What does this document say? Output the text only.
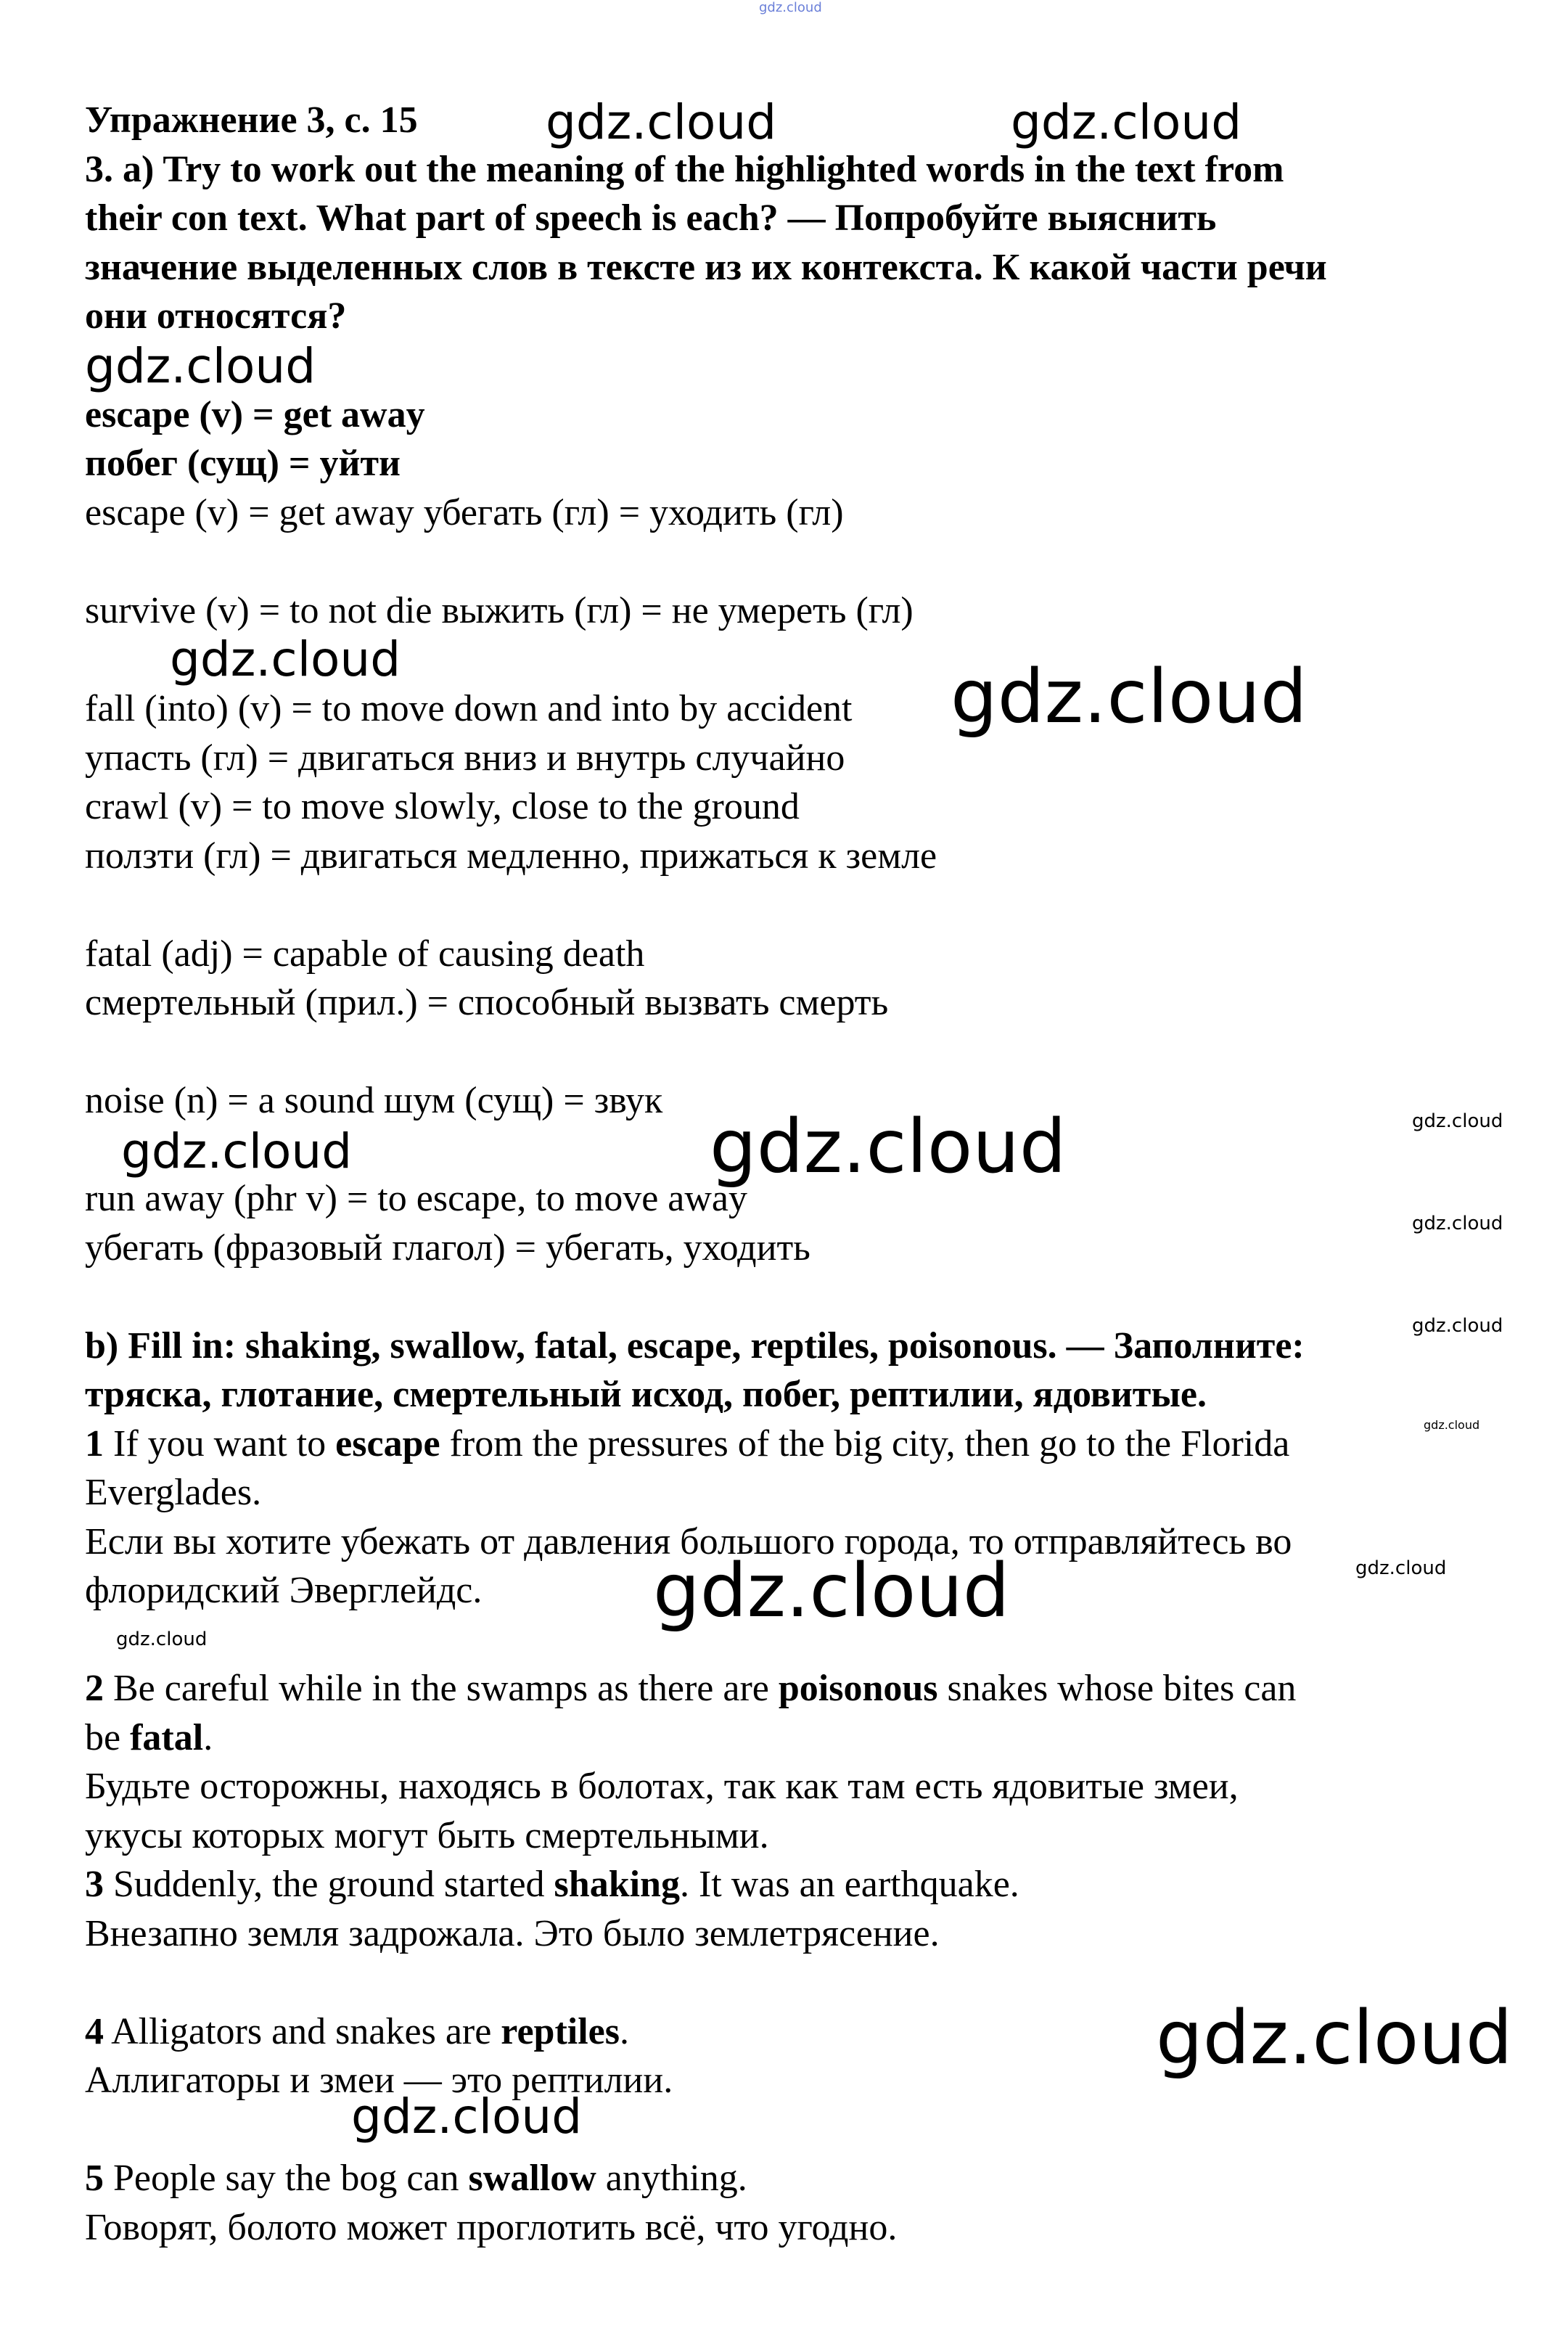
gdz.cloud
Упражнение 3, с. 15
3. a) Try to work out the meaning of the highlighted words in the text from
their con text. What part of speech is each? — Попробуйте выяснить
значение выделенных слов в тексте из их контекста. К какой части речи
они относятся?
escape (v) = get away
побег (сущ) = уйти
escape (v) = get away убегать (гл) = уходить (гл)
survive (v) = to not die выжить (гл) = не умереть (гл)
fall (into) (v) = to move down and into by accident
упасть (гл) = двигаться вниз и внутрь случайно
crawl (v) = to move slowly, close to the ground
ползти (гл) = двигаться медленно, прижаться к земле
fatal (adj) = capable of causing death
смертельный (прил.) = способный вызвать смерть
noise (n) = a sound шум (сущ) = звук
run away (phr v) = to escape, to move away
убегать (фразовый глагол) = убегать, уходить
b) Fill in: shaking, swallow, fatal, escape, reptiles, poisonous. — Заполните:
тряска, глотание, смертельный исход, побег, рептилии, ядовитые.
1 If you want to escape from the pressures of the big city, then go to the Florida
Everglades.
Если вы хотите убежать от давления большого города, то отправляйтесь во
флоридский Эверглейдс.
2 Be careful while in the swamps as there are poisonous snakes whose bites can
be fatal.
Будьте осторожны, находясь в болотах, так как там есть ядовитые змеи,
укусы которых могут быть смертельными.
3 Suddenly, the ground started shaking. It was an earthquake.
Внезапно земля задрожала. Это было землетрясение.
4 Alligators and snakes are reptiles.
Аллигаторы и змеи — это рептилии.
5 People say the bog can swallow anything.
Говорят, болото может проглотить всё, что угодно.
gdz.cloud	gdz.cloud
gdz.cloud
gdz.cloud	gdz.cloud
gdz.cloud
gdz.cloud	gdz.cloud
gdz.cloud
gdz.cloud
gdz.cloud
gdz.cloud
gdz.cloud
gdz.cloud
gdz.cloud
gdz.cloud
